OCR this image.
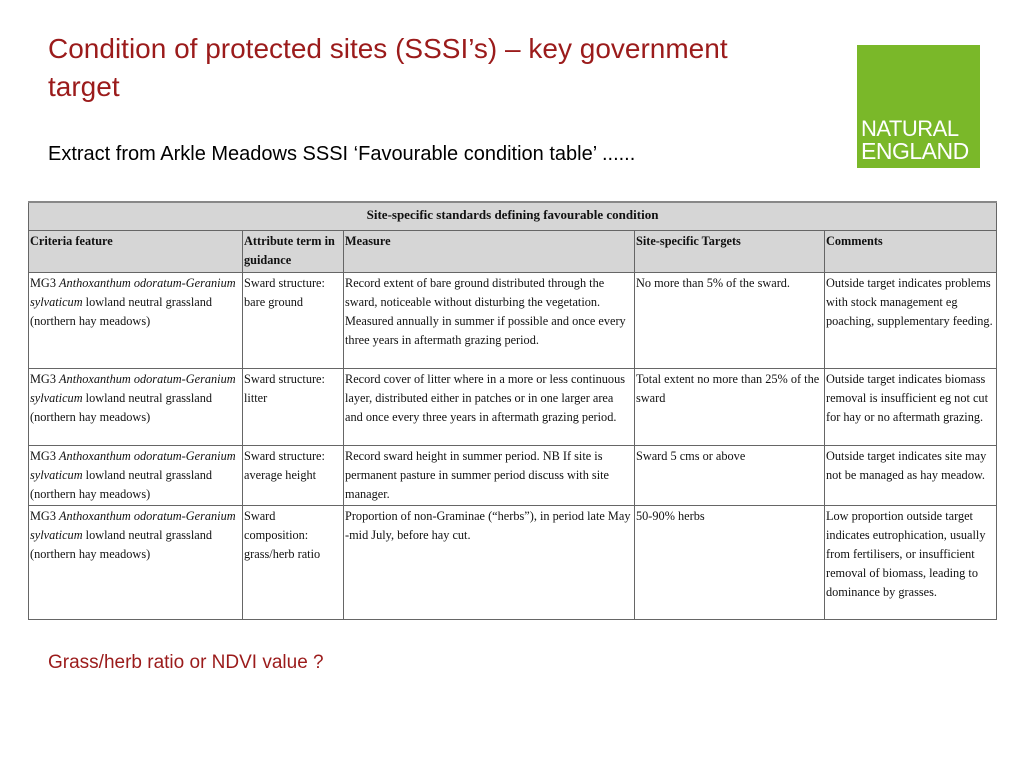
Condition of protected sites (SSSI’s) – key government target
Extract from Arkle Meadows SSSI ‘Favourable condition table’ ......
NATURAL
ENGLAND
Site-specific standards defining favourable condition				
Criteria feature	Attribute term in guidance	Measure	Site-specific Targets	Comments
MG3 Anthoxanthum odoratum-Geranium sylvaticum lowland neutral grassland (northern hay meadows)	Sward structure: bare ground	Record extent of bare ground distributed through the sward, noticeable without disturbing the vegetation. Measured annually in summer if possible and once every three years in aftermath grazing period.	No more than 5% of the sward.	Outside target indicates problems with stock management eg poaching, supplementary feeding.
MG3 Anthoxanthum odoratum-Geranium sylvaticum lowland neutral grassland (northern hay meadows)	Sward structure: litter	Record cover of litter where in a more or less continuous layer, distributed either in patches or in one larger area and once every three years in aftermath grazing period.	Total extent no more than 25% of the sward	Outside target indicates biomass removal is insufficient eg not cut for hay or no aftermath grazing.
MG3 Anthoxanthum odoratum-Geranium sylvaticum lowland neutral grassland (northern hay meadows)	Sward structure: average height	Record sward height in summer period. NB If site is permanent pasture in summer period discuss with site manager.	Sward 5 cms or above	Outside target indicates site may not be managed as hay meadow.
MG3 Anthoxanthum odoratum-Geranium sylvaticum lowland neutral grassland (northern hay meadows)	Sward composition: grass/herb ratio	Proportion of non-Graminae (“herbs”), in period late May -mid July, before hay cut.	50-90% herbs	Low proportion outside target indicates eutrophication, usually from fertilisers, or insufficient removal of biomass, leading to dominance by grasses.
Grass/herb ratio or NDVI value ?
